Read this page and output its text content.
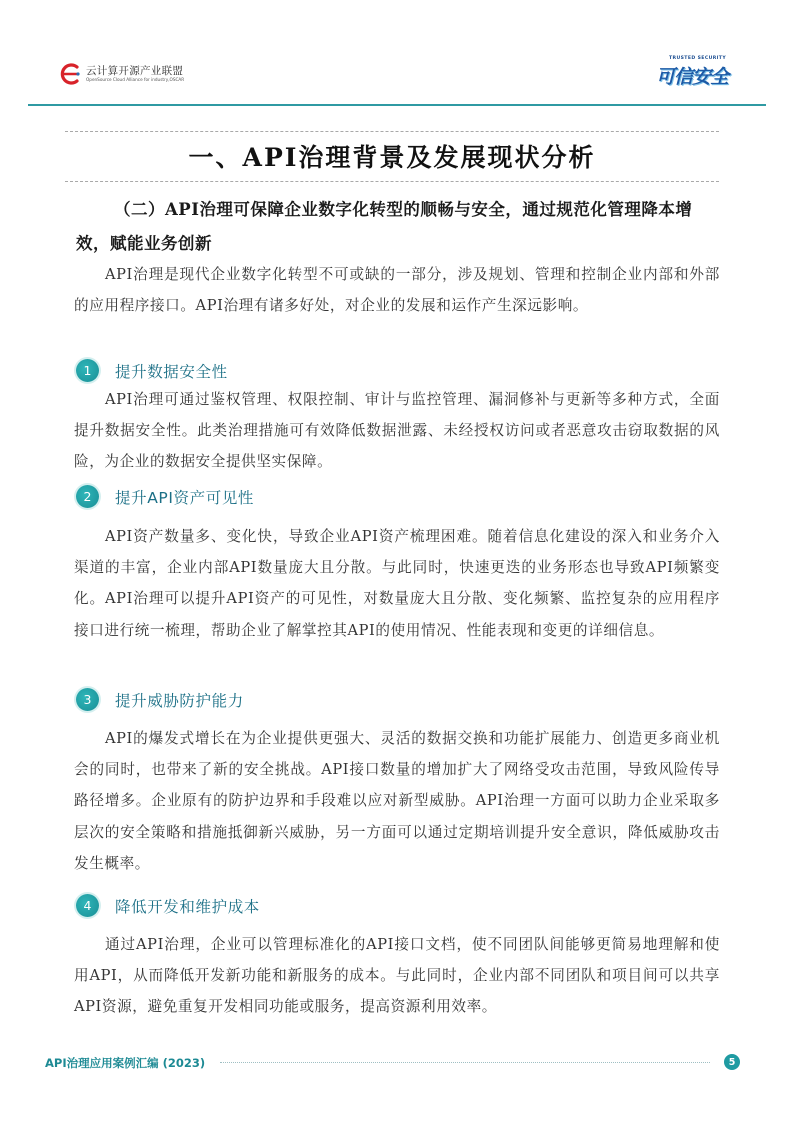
云计算开源产业联盟
OpenSource Cloud Alliance for industry,OSCAR
TRUSTED SECURITY
可信安全
一、API治理背景及发展现状分析
（二）API治理可保障企业数字化转型的顺畅与安全，通过规范化管理降本增效，赋能业务创新

API治理是现代企业数字化转型不可或缺的一部分，涉及规划、管理和控制企业内部和外部的应用程序接口。API治理有诸多好处，对企业的发展和运作产生深远影响。

1	提升数据安全性

API治理可通过鉴权管理、权限控制、审计与监控管理、漏洞修补与更新等多种方式，全面提升数据安全性。此类治理措施可有效降低数据泄露、未经授权访问或者恶意攻击窃取数据的风险，为企业的数据安全提供坚实保障。

2	提升API资产可见性

API资产数量多、变化快，导致企业API资产梳理困难。随着信息化建设的深入和业务介入渠道的丰富，企业内部API数量庞大且分散。与此同时，快速更迭的业务形态也导致API频繁变化。API治理可以提升API资产的可见性，对数量庞大且分散、变化频繁、监控复杂的应用程序接口进行统一梳理，帮助企业了解掌控其API的使用情况、性能表现和变更的详细信息。

3	提升威胁防护能力

API的爆发式增长在为企业提供更强大、灵活的数据交换和功能扩展能力、创造更多商业机会的同时，也带来了新的安全挑战。API接口数量的增加扩大了网络受攻击范围，导致风险传导路径增多。企业原有的防护边界和手段难以应对新型威胁。API治理一方面可以助力企业采取多层次的安全策略和措施抵御新兴威胁，另一方面可以通过定期培训提升安全意识，降低威胁攻击发生概率。

4	降低开发和维护成本

通过API治理，企业可以管理标准化的API接口文档，使不同团队间能够更简易地理解和使用API，从而降低开发新功能和新服务的成本。与此同时，企业内部不同团队和项目间可以共享API资源，避免重复开发相同功能或服务，提高资源利用效率。

API治理应用案例汇编 (2023)	5
